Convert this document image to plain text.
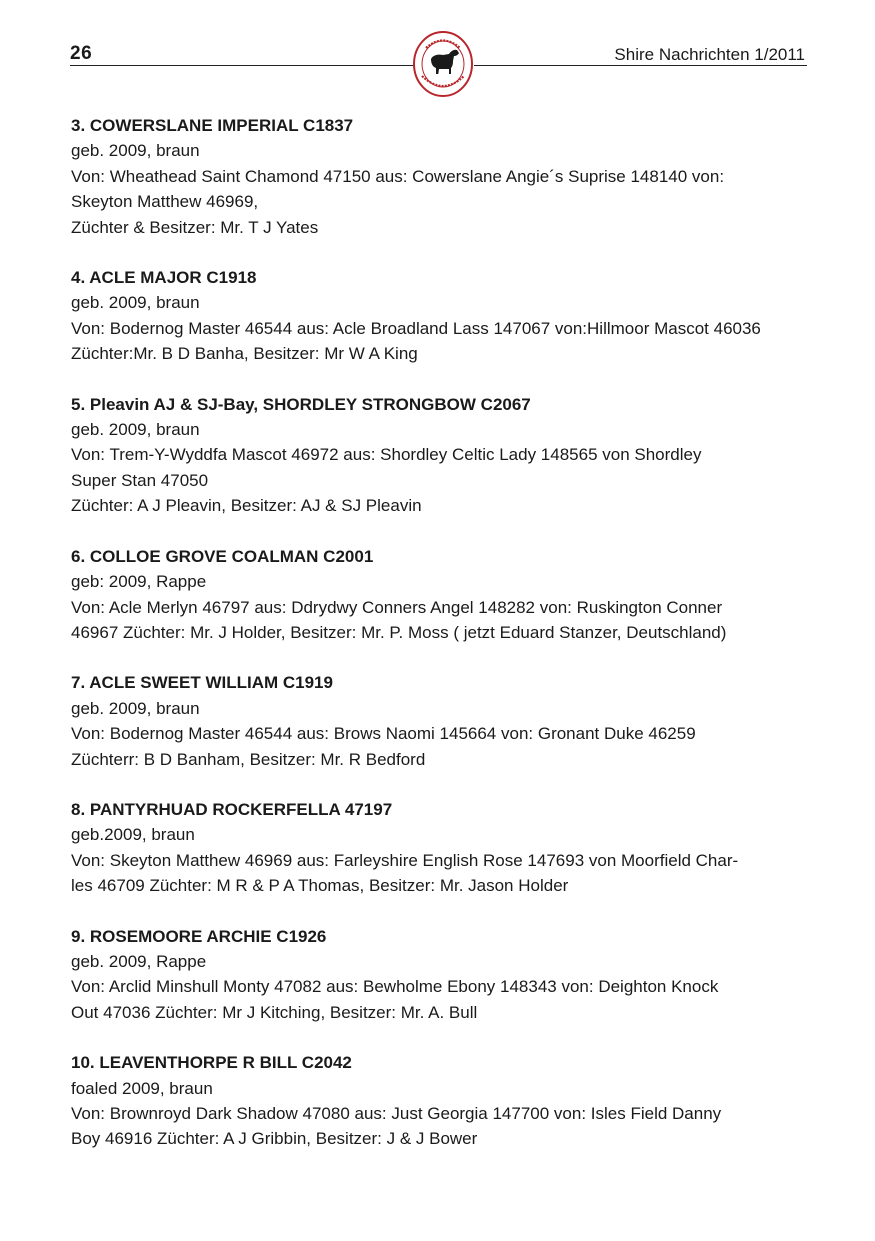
26	Shire Nachrichten 1/2011
3. COWERSLANE IMPERIAL C1837
geb. 2009, braun
Von: Wheathead Saint Chamond 47150 aus: Cowerslane Angie´s Suprise 148140 von:
Skeyton Matthew 46969,
Züchter & Besitzer: Mr. T J Yates
4. ACLE MAJOR C1918
geb. 2009, braun
Von: Bodernog Master 46544 aus: Acle Broadland Lass 147067 von:Hillmoor Mascot 46036
Züchter:Mr. B D Banha, Besitzer: Mr W A King
5. Pleavin AJ & SJ-Bay, SHORDLEY STRONGBOW C2067
geb. 2009, braun
Von: Trem-Y-Wyddfa Mascot 46972 aus: Shordley Celtic Lady 148565 von Shordley
Super Stan 47050
Züchter: A J Pleavin, Besitzer: AJ & SJ Pleavin
6. COLLOE GROVE COALMAN C2001
geb: 2009, Rappe
Von: Acle Merlyn 46797 aus: Ddrydwy Conners Angel 148282 von: Ruskington Conner
46967 Züchter: Mr. J Holder, Besitzer: Mr. P. Moss ( jetzt Eduard Stanzer, Deutschland)
7. ACLE SWEET WILLIAM C1919
geb. 2009, braun
Von: Bodernog Master 46544 aus: Brows Naomi 145664 von: Gronant Duke 46259
Züchterr: B D Banham, Besitzer: Mr. R Bedford
8. PANTYRHUAD ROCKERFELLA 47197
geb.2009, braun
Von: Skeyton Matthew 46969 aus: Farleyshire English Rose 147693 von Moorfield Char-
les 46709 Züchter: M R & P A Thomas, Besitzer: Mr. Jason Holder
9. ROSEMOORE ARCHIE C1926
geb. 2009, Rappe
Von: Arclid Minshull Monty 47082 aus: Bewholme Ebony 148343 von: Deighton Knock
Out 47036 Züchter: Mr J Kitching, Besitzer: Mr. A. Bull
10. LEAVENTHORPE R BILL C2042
foaled 2009, braun
Von: Brownroyd Dark Shadow 47080 aus: Just Georgia 147700 von: Isles Field Danny
Boy 46916 Züchter: A J Gribbin, Besitzer: J & J Bower
